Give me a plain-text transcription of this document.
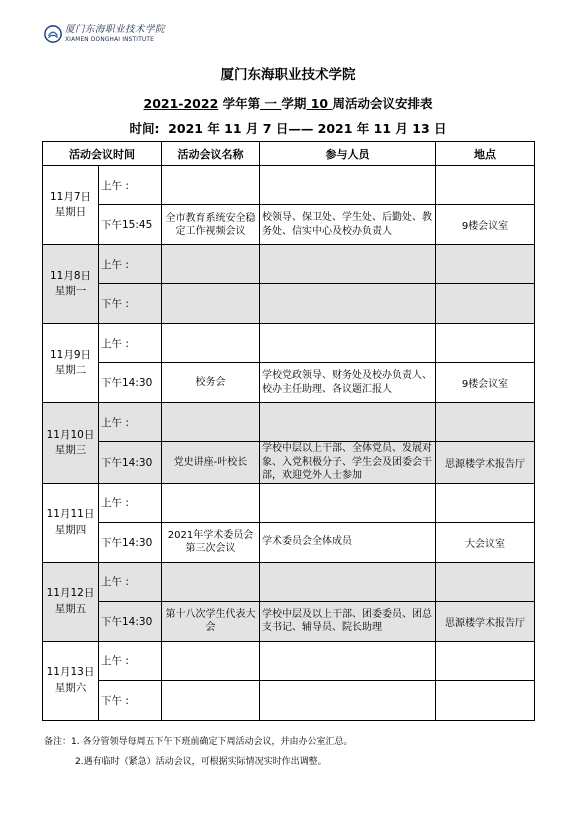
厦门东海职业技术学院
XIAMEN DONGHAI INSTITUTE
厦门东海职业技术学院
2021-2022 学年第 一 学期 10 周活动会议安排表
时间:  2021 年 11 月 7 日—— 2021 年 11 月 13 日
活动会议时间		活动会议名称	参与人员	地点
11月7日
星期日	上午 :			
	下午15:45	全市教育系统安全稳定工作视频会议	校领导、保卫处、学生处、后勤处、教务处、信实中心及校办负责人	9楼会议室
11月8日
星期一	上午 :			
	下午 :			
11月9日
星期二	上午 :			
	下午14:30	校务会	学校党政领导、财务处及校办负责人、校办主任助理、各议题汇报人	9楼会议室
11月10日
星期三	上午 :			
	下午14:30	党史讲座-叶校长	学校中层以上干部、全体党员、发展对象、入党积极分子、学生会及团委会干部，欢迎党外人士参加	思源楼学术报告厅
11月11日
星期四	上午 :			
	下午14:30	2021年学术委员会第三次会议	学术委员会全体成员	大会议室
11月12日
星期五	上午 :			
	下午14:30	第十八次学生代表大会	学校中层及以上干部、团委委员、团总支书记、辅导员、院长助理	思源楼学术报告厅
11月13日
星期六	上午 :			
	下午 :			
备注：1. 各分管领导每周五下午下班前确定下周活动会议，并由办公室汇总。
2.遇有临时（紧急）活动会议，可根据实际情况实时作出调整。
